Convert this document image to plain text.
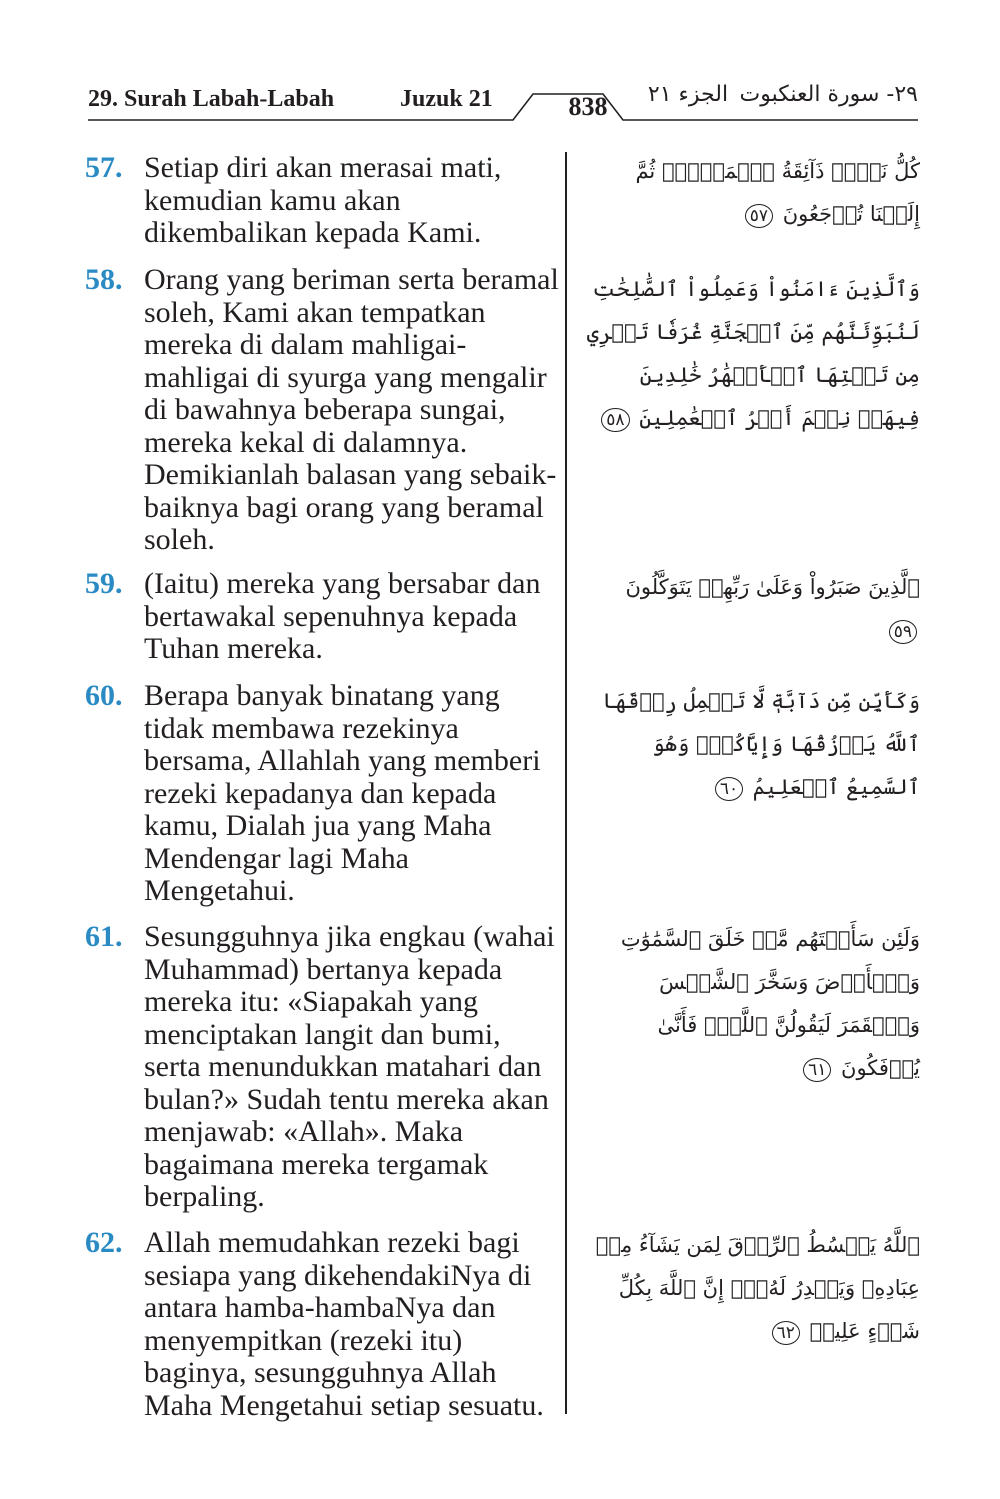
29. Surah Labah-Labah	Juzuk 21	838	الجزء ٢١ ٢٩- سورة العنكبوت
57. Setiap diri akan merasai mati, kemudian kamu akan dikembalikan kepada Kami.
كُلُّ نَفۡسٖ ذَآئِقَةُ ٱلۡمَوۡتِۖ ثُمَّ إِلَيۡنَا تُرۡجَعُونَ ٥٧
58. Orang yang beriman serta beramal soleh, Kami akan tempatkan mereka di dalam mahligai-mahligai di syurga yang mengalir di bawahnya beberapa sungai, mereka kekal di dalamnya. Demikianlah balasan yang sebaik-baiknya bagi orang yang beramal soleh.
وَٱلَّذِينَ ءَامَنُواْ وَعَمِلُواْ ٱلصَّٰلِحَٰتِ لَنُبَوِّئَنَّهُم مِّنَ ٱلۡجَنَّةِ غُرَفٗا تَجۡرِي مِن تَحۡتِهَا ٱلۡأَنۡهَٰرُ خَٰلِدِينَ فِيهَاۚ نِعۡمَ أَجۡرُ ٱلۡعَٰمِلِينَ ٥٨
59. (Iaitu) mereka yang bersabar dan bertawakal sepenuhnya kepada Tuhan mereka.
ٱلَّذِينَ صَبَرُواْ وَعَلَىٰ رَبِّهِمۡ يَتَوَكَّلُونَ ٥٩
60. Berapa banyak binatang yang tidak membawa rezekinya bersama, Allahlah yang memberi rezeki kepadanya dan kepada kamu, Dialah jua yang Maha Mendengar lagi Maha Mengetahui.
وَكَأَيِّن مِّن دَآبَّةٖ لَّا تَحۡمِلُ رِزۡقَهَا ٱللَّهُ يَرۡزُقُهَا وَإِيَّاكُمۡۚ وَهُوَ ٱلسَّمِيعُ ٱلۡعَلِيمُ ٦٠
61. Sesungguhnya jika engkau (wahai Muhammad) bertanya kepada mereka itu: «Siapakah yang menciptakan langit dan bumi, serta menundukkan matahari dan bulan?» Sudah tentu mereka akan menjawab: «Allah». Maka bagaimana mereka tergamak berpaling.
وَلَئِن سَأَلۡتَهُم مَّنۡ خَلَقَ ٱلسَّمَٰوَٰتِ وَٱلۡأَرۡضَ وَسَخَّرَ ٱلشَّمۡسَ وَٱلۡقَمَرَ لَيَقُولُنَّ ٱللَّهُۖ فَأَنَّىٰ يُؤۡفَكُونَ ٦١
62. Allah memudahkan rezeki bagi sesiapa yang dikehendakiNya di antara hamba-hambaNya dan menyempitkan (rezeki itu) baginya, sesungguhnya Allah Maha Mengetahui setiap sesuatu.
ٱللَّهُ يَبۡسُطُ ٱلرِّزۡقَ لِمَن يَشَآءُ مِنۡ عِبَادِهِۦ وَيَقۡدِرُ لَهُۥٓۚ إِنَّ ٱللَّهَ بِكُلِّ شَيۡءٍ عَلِيمٞ ٦٢
